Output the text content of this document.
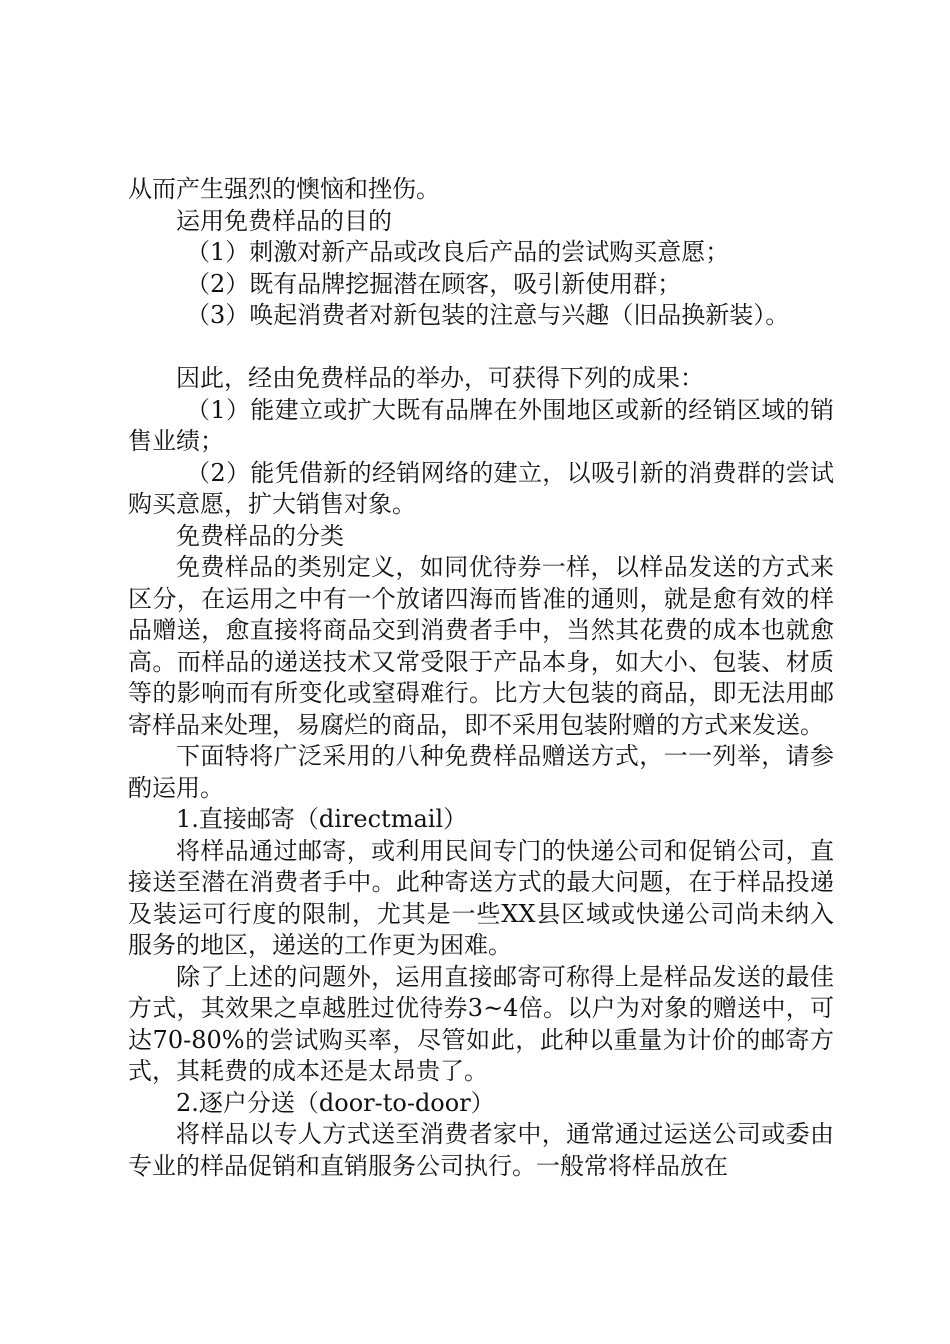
从而产生强烈的懊恼和挫伤。

运用免费样品的目的

（1）刺激对新产品或改良后产品的尝试购买意愿；

（2）既有品牌挖掘潜在顾客，吸引新使用群；

（3）唤起消费者对新包装的注意与兴趣（旧品换新装）。

因此，经由免费样品的举办，可获得下列的成果：

（1）能建立或扩大既有品牌在外围地区或新的经销区域的销售业绩；

（2）能凭借新的经销网络的建立，以吸引新的消费群的尝试购买意愿，扩大销售对象。

免费样品的分类

免费样品的类别定义，如同优待券一样，以样品发送的方式来区分，在运用之中有一个放诸四海而皆准的通则，就是愈有效的样品赠送，愈直接将商品交到消费者手中，当然其花费的成本也就愈高。而样品的递送技术又常受限于产品本身，如大小、包装、材质等的影响而有所变化或窒碍难行。比方大包装的商品，即无法用邮寄样品来处理，易腐烂的商品，即不采用包装附赠的方式来发送。

下面特将广泛采用的八种免费样品赠送方式，一一列举，请参酌运用。

1.直接邮寄（directmail）

将样品通过邮寄，或利用民间专门的快递公司和促销公司，直接送至潜在消费者手中。此种寄送方式的最大问题，在于样品投递及装运可行度的限制，尤其是一些XX县区域或快递公司尚未纳入服务的地区，递送的工作更为困难。

除了上述的问题外，运用直接邮寄可称得上是样品发送的最佳方式，其效果之卓越胜过优待券3~4倍。以户为对象的赠送中，可达70-80%的尝试购买率，尽管如此，此种以重量为计价的邮寄方式，其耗费的成本还是太昂贵了。

2.逐户分送（door-to-door）

将样品以专人方式送至消费者家中，通常通过运送公司或委由专业的样品促销和直销服务公司执行。一般常将样品放在
